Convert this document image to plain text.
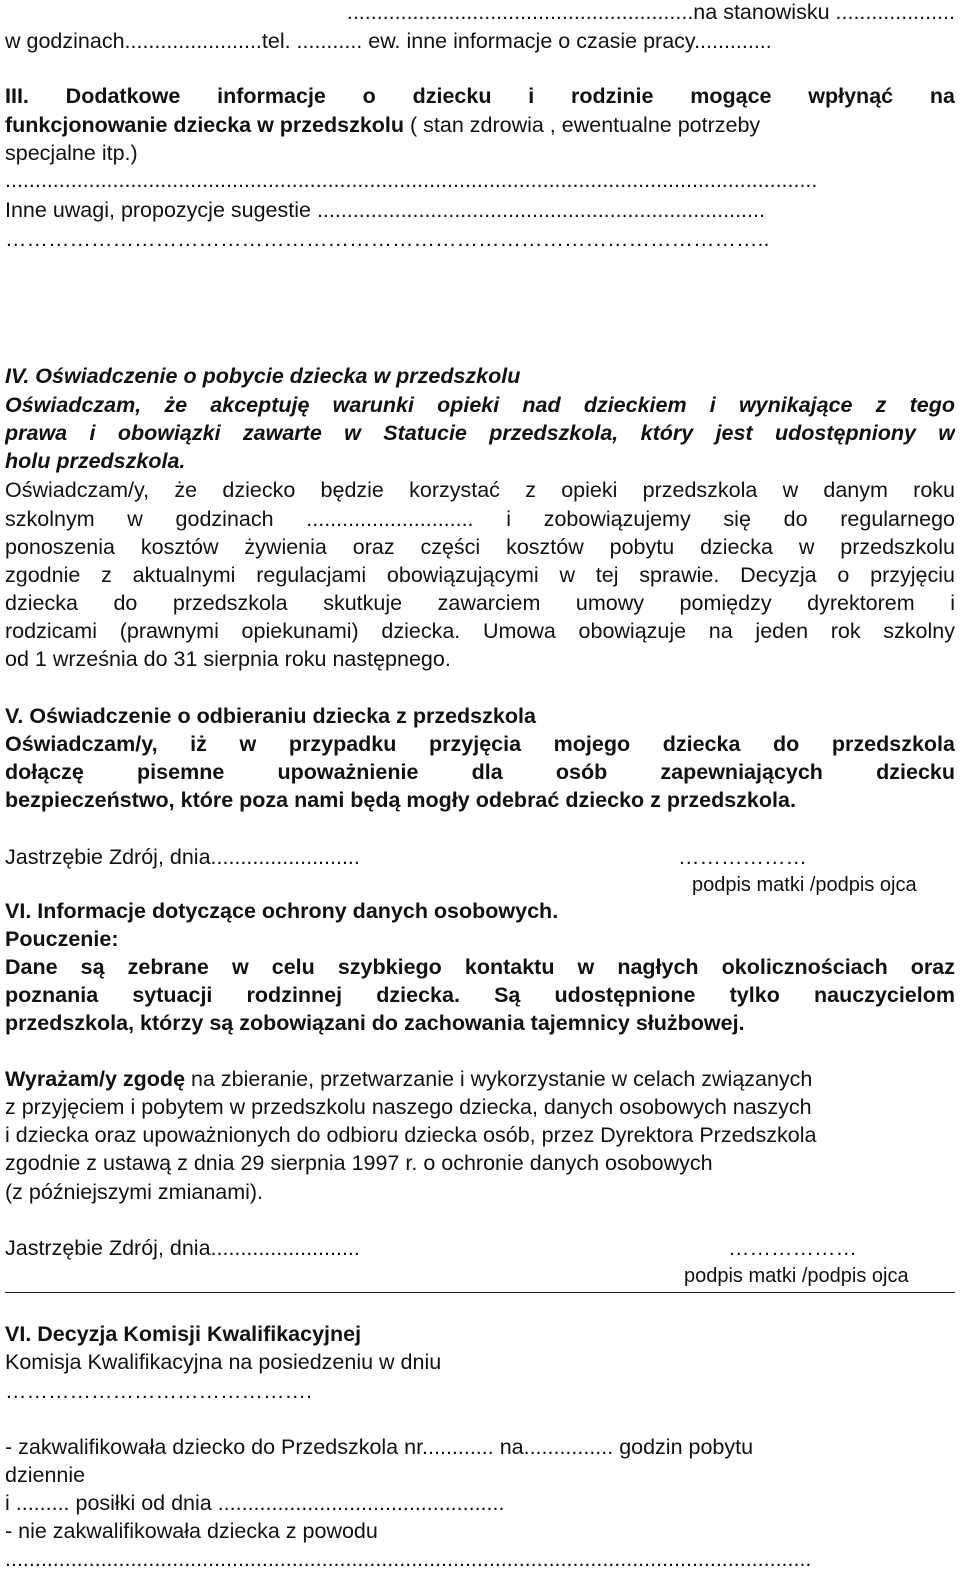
..........................................................na stanowisku ....................
w godzinach.......................tel. ........... ew. inne informacje o czasie pracy.............
III. Dodatkowe informacje o dziecku i rodzinie mogące wpłynąć na
funkcjonowanie dziecka w przedszkolu ( stan zdrowia , ewentualne potrzeby
specjalne itp.)
........................................................................................................................................
Inne uwagi, propozycje sugestie ...........................................................................
……………………………………………………………………………………………..
IV. Oświadczenie o pobycie dziecka w przedszkolu
Oświadczam, że akceptuję warunki opieki nad dzieckiem i wynikające z tego
prawa i obowiązki zawarte w Statucie przedszkola, który jest udostępniony w
holu przedszkola.
Oświadczam/y, że dziecko będzie korzystać z opieki przedszkola w danym roku
szkolnym w godzinach ............................ i zobowiązujemy się do regularnego
ponoszenia kosztów żywienia oraz części kosztów pobytu dziecka w przedszkolu
zgodnie z aktualnymi regulacjami obowiązującymi w tej sprawie. Decyzja o przyjęciu
dziecka do przedszkola skutkuje zawarciem umowy pomiędzy dyrektorem i
rodzicami (prawnymi opiekunami) dziecka. Umowa obowiązuje na jeden rok szkolny
od 1 września do 31 sierpnia roku następnego.
V. Oświadczenie o odbieraniu dziecka z przedszkola
Oświadczam/y, iż w przypadku przyjęcia mojego dziecka do przedszkola
dołączę pisemne upoważnienie dla osób zapewniających dziecku
bezpieczeństwo, które poza nami będą mogły odebrać dziecko z przedszkola.
Jastrzębie Zdrój, dnia.........................	………………
podpis matki /podpis ojca
VI. Informacje dotyczące ochrony danych osobowych.
Pouczenie:
Dane są zebrane w celu szybkiego kontaktu w nagłych okolicznościach oraz
poznania sytuacji rodzinnej dziecka. Są udostępnione tylko nauczycielom
przedszkola, którzy są zobowiązani do zachowania tajemnicy służbowej.
Wyrażam/y zgodę na zbieranie, przetwarzanie i wykorzystanie w celach związanych
z przyjęciem i pobytem w przedszkolu naszego dziecka, danych osobowych naszych
i dziecka oraz upoważnionych do odbioru dziecka osób, przez Dyrektora Przedszkola
zgodnie z ustawą z dnia 29 sierpnia 1997 r. o ochronie danych osobowych
(z późniejszymi zmianami).
Jastrzębie Zdrój, dnia.........................	………………
podpis matki /podpis ojca
VI. Decyzja Komisji Kwalifikacyjnej
Komisja Kwalifikacyjna na posiedzeniu w dniu
…………………………………….
- zakwalifikowała dziecko do Przedszkola nr............ na............... godzin pobytu
dziennie
i ......... posiłki od dnia ................................................
- nie zakwalifikowała dziecka z powodu
.......................................................................................................................................
